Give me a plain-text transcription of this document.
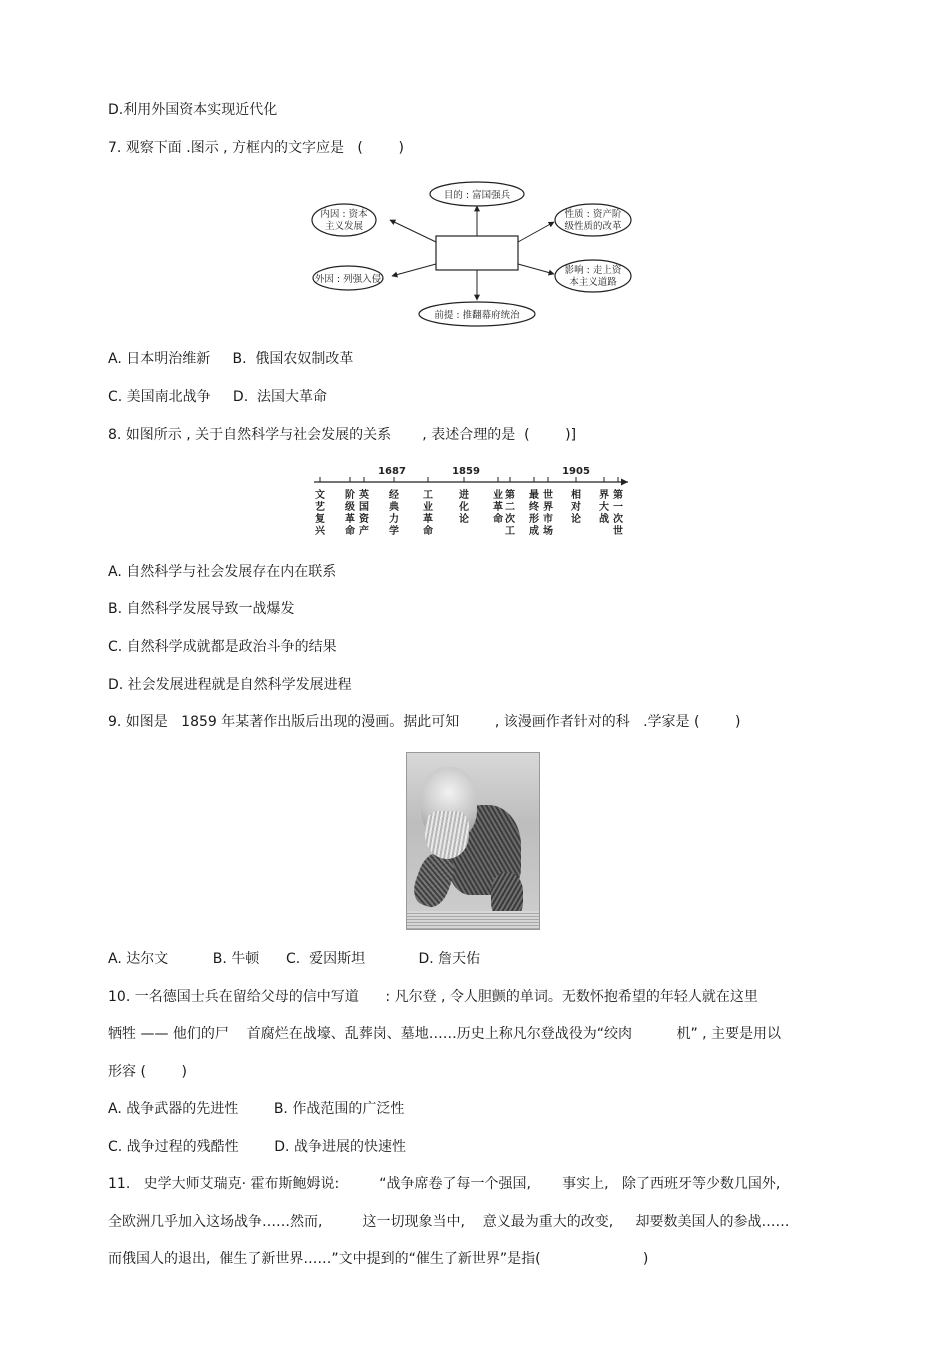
D.利用外国资本实现近代化
7. 观察下面 .图示 , 方框内的文字应是   (        )
A. 日本明治维新     B.  俄国农奴制改革
C. 美国南北战争     D.  法国大革命
8. 如图所示 , 关于自然科学与社会发展的关系       , 表述合理的是  (        )]
A. 自然科学与社会发展存在内在联系
B. 自然科学发展导致一战爆发
C. 自然科学成就都是政治斗争的结果
D. 社会发展进程就是自然科学发展进程
9. 如图是   1859 年某著作出版后出现的漫画。据此可知        , 该漫画作者针对的科   .学家是 (        )
A. 达尔文          B. 牛顿      C.  爱因斯坦            D. 詹天佑
10. 一名德国士兵在留给父母的信中写道      : 凡尔登 , 令人胆颤的单词。无数怀抱希望的年轻人就在这里
牺牲 —— 他们的尸    首腐烂在战壕、乱葬岗、墓地……历史上称凡尔登战役为“绞肉          机” , 主要是用以
形容 (        )
A. 战争武器的先进性        B. 作战范围的广泛性
C. 战争过程的残酷性        D. 战争进展的快速性
11.   史学大师艾瑞克· 霍布斯鲍姆说:         “战争席卷了每一个强国,       事实上,   除了西班牙等少数几国外,
全欧洲几乎加入这场战争……然而,         这一切现象当中,    意义最为重大的改变,     却要数美国人的参战……
而俄国人的退出,  催生了新世界……”文中提到的“催生了新世界”是指(                       )
目的 : 富国强兵
内因 : 资本
主义发展
外因 : 列强入侵
性质 : 资产阶
级性质的改革
影响 : 走上资
本主义道路
前提 : 推翻幕府统治
文艺复兴
阶级革命
英国资产
经典力学
工业革命
进化论
业革命
第二次工
最终形成
世界市场
相对论
界大战
第一次世
1687	1859	1905
